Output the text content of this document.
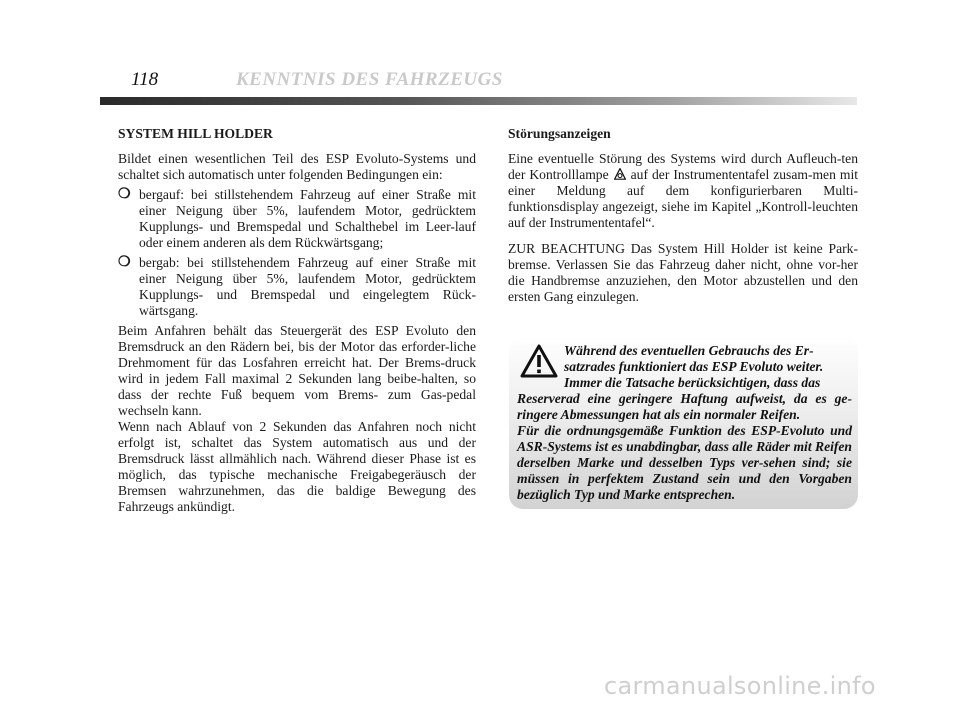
118	KENNTNIS DES FAHRZEUGS

SYSTEM HILL HOLDER

Bildet einen wesentlichen Teil des ESP Evoluto-Systems und schaltet sich automatisch unter folgenden Bedingungen ein:

❍ bergauf: bei stillstehendem Fahrzeug auf einer Straße mit einer Neigung über 5%, laufendem Motor, gedrücktem Kupplungs- und Bremspedal und Schalthebel im Leer-lauf oder einem anderen als dem Rückwärtsgang;
❍ bergab: bei stillstehendem Fahrzeug auf einer Straße mit einer Neigung über 5%, laufendem Motor, gedrücktem Kupplungs- und Bremspedal und eingelegtem Rück-wärtsgang.

Beim Anfahren behält das Steuergerät des ESP Evoluto den Bremsdruck an den Rädern bei, bis der Motor das erforder-liche Drehmoment für das Losfahren erreicht hat. Der Brems-druck wird in jedem Fall maximal 2 Sekunden lang beibe-halten, so dass der rechte Fuß bequem vom Brems- zum Gas-pedal wechseln kann.

Wenn nach Ablauf von 2 Sekunden das Anfahren noch nicht erfolgt ist, schaltet das System automatisch aus und der Bremsdruck lässt allmählich nach. Während dieser Phase ist es möglich, das typische mechanische Freigabegeräusch der Bremsen wahrzunehmen, das die baldige Bewegung des Fahrzeugs ankündigt.

Störungsanzeigen

Eine eventuelle Störung des Systems wird durch Aufleuch-ten der Kontrolllampe auf der Instrumententafel zusam-men mit einer Meldung auf dem konfigurierbaren Multi-funktionsdisplay angezeigt, siehe im Kapitel „Kontroll-leuchten auf der Instrumententafel“.

ZUR BEACHTUNG Das System Hill Holder ist keine Park-bremse. Verlassen Sie das Fahrzeug daher nicht, ohne vor-her die Handbremse anzuziehen, den Motor abzustellen und den ersten Gang einzulegen.

Während des eventuellen Gebrauchs des Er-
satzrades funktioniert das ESP Evoluto weiter.
Immer die Tatsache berücksichtigen, dass das
Reserverad eine geringere Haftung aufweist, da es ge-ringere Abmessungen hat als ein normaler Reifen.
Für die ordnungsgemäße Funktion des ESP-Evoluto und ASR-Systems ist es unabdingbar, dass alle Räder mit Reifen derselben Marke und desselben Typs ver-sehen sind; sie müssen in perfektem Zustand sein und den Vorgaben bezüglich Typ und Marke entsprechen.
carmanualsonline.info
